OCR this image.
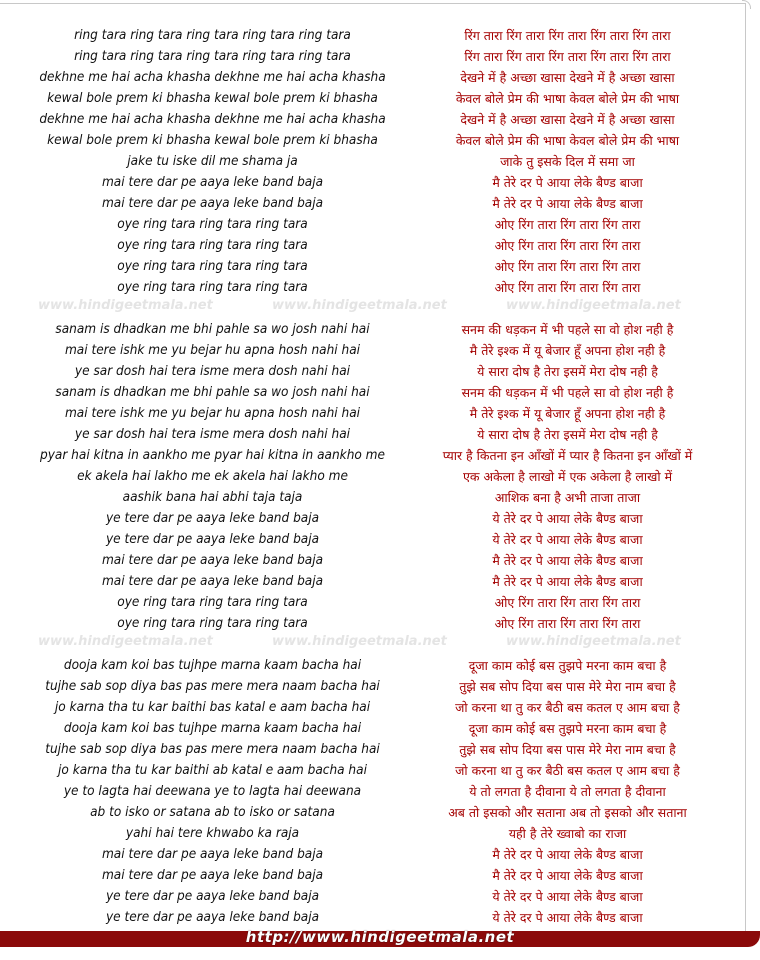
ring tara ring tara ring tara ring tara ring tara	रिंग तारा रिंग तारा रिंग तारा रिंग तारा रिंग तारा
ring tara ring tara ring tara ring tara ring tara	रिंग तारा रिंग तारा रिंग तारा रिंग तारा रिंग तारा
dekhne me hai acha khasha dekhne me hai acha khasha	देखने में है अच्छा खासा देखने में है अच्छा खासा
kewal bole prem ki bhasha kewal bole prem ki bhasha	केवल बोले प्रेम की भाषा केवल बोले प्रेम की भाषा
dekhne me hai acha khasha dekhne me hai acha khasha	देखने में है अच्छा खासा देखने में है अच्छा खासा
kewal bole prem ki bhasha kewal bole prem ki bhasha	केवल बोले प्रेम की भाषा केवल बोले प्रेम की भाषा
jake tu iske dil me shama ja	जाके तु इसके दिल में समा जा
mai tere dar pe aaya leke band baja	मै तेरे दर पे आया लेके बैण्ड बाजा
mai tere dar pe aaya leke band baja	मै तेरे दर पे आया लेके बैण्ड बाजा
oye ring tara ring tara ring tara	ओए रिंग तारा रिंग तारा रिंग तारा
oye ring tara ring tara ring tara	ओए रिंग तारा रिंग तारा रिंग तारा
oye ring tara ring tara ring tara	ओए रिंग तारा रिंग तारा रिंग तारा
oye ring tara ring tara ring tara	ओए रिंग तारा रिंग तारा रिंग तारा
sanam is dhadkan me bhi pahle sa wo josh nahi hai	सनम की धड़कन में भी पहले सा वो होश नही है
mai tere ishk me yu bejar hu apna hosh nahi hai	मै तेरे इश्क में यू बेजार हूँ अपना होश नही है
ye sar dosh hai tera isme mera dosh nahi hai	ये सारा दोष है तेरा इसमें मेरा दोष नही है
sanam is dhadkan me bhi pahle sa wo josh nahi hai	सनम की धड़कन में भी पहले सा वो होश नही है
mai tere ishk me yu bejar hu apna hosh nahi hai	मै तेरे इश्क में यू बेजार हूँ अपना होश नही है
ye sar dosh hai tera isme mera dosh nahi hai	ये सारा दोष है तेरा इसमें मेरा दोष नही है
pyar hai kitna in aankho me pyar hai kitna in aankho me	प्यार है कितना इन आँखों में प्यार है कितना इन आँखों में
ek akela hai lakho me ek akela hai lakho me	एक अकेला है लाखो में एक अकेला है लाखो में
aashik bana hai abhi taja taja	आशिक बना है अभी ताजा ताजा
ye tere dar pe aaya leke band baja	ये तेरे दर पे आया लेके बैण्ड बाजा
ye tere dar pe aaya leke band baja	ये तेरे दर पे आया लेके बैण्ड बाजा
mai tere dar pe aaya leke band baja	मै तेरे दर पे आया लेके बैण्ड बाजा
mai tere dar pe aaya leke band baja	मै तेरे दर पे आया लेके बैण्ड बाजा
oye ring tara ring tara ring tara	ओए रिंग तारा रिंग तारा रिंग तारा
oye ring tara ring tara ring tara	ओए रिंग तारा रिंग तारा रिंग तारा
dooja kam koi bas tujhpe marna kaam bacha hai	दूजा काम कोई बस तुझपे मरना काम बचा है
tujhe sab sop diya bas pas mere mera naam bacha hai	तुझे सब सोप दिया बस पास मेरे मेरा नाम बचा है
jo karna tha tu kar baithi bas katal e aam bacha hai	जो करना था तु कर बैठी बस कतल ए आम बचा है
dooja kam koi bas tujhpe marna kaam bacha hai	दूजा काम कोई बस तुझपे मरना काम बचा है
tujhe sab sop diya bas pas mere mera naam bacha hai	तुझे सब सोप दिया बस पास मेरे मेरा नाम बचा है
jo karna tha tu kar baithi ab katal e aam bacha hai	जो करना था तु कर बैठी बस कतल ए आम बचा है
ye to lagta hai deewana ye to lagta hai deewana	ये तो लगता है दीवाना ये तो लगता है दीवाना
ab to isko or satana ab to isko or satana	अब तो इसको और सताना अब तो इसको और सताना
yahi hai tere khwabo ka raja	यही है तेरे ख्वाबो का राजा
mai tere dar pe aaya leke band baja	मै तेरे दर पे आया लेके बैण्ड बाजा
mai tere dar pe aaya leke band baja	मै तेरे दर पे आया लेके बैण्ड बाजा
ye tere dar pe aaya leke band baja	ये तेरे दर पे आया लेके बैण्ड बाजा
ye tere dar pe aaya leke band baja	ये तेरे दर पे आया लेके बैण्ड बाजा
www.hindigeetmala.net	www.hindigeetmala.net	www.hindigeetmala.net
www.hindigeetmala.net	www.hindigeetmala.net	www.hindigeetmala.net
http://www.hindigeetmala.net
